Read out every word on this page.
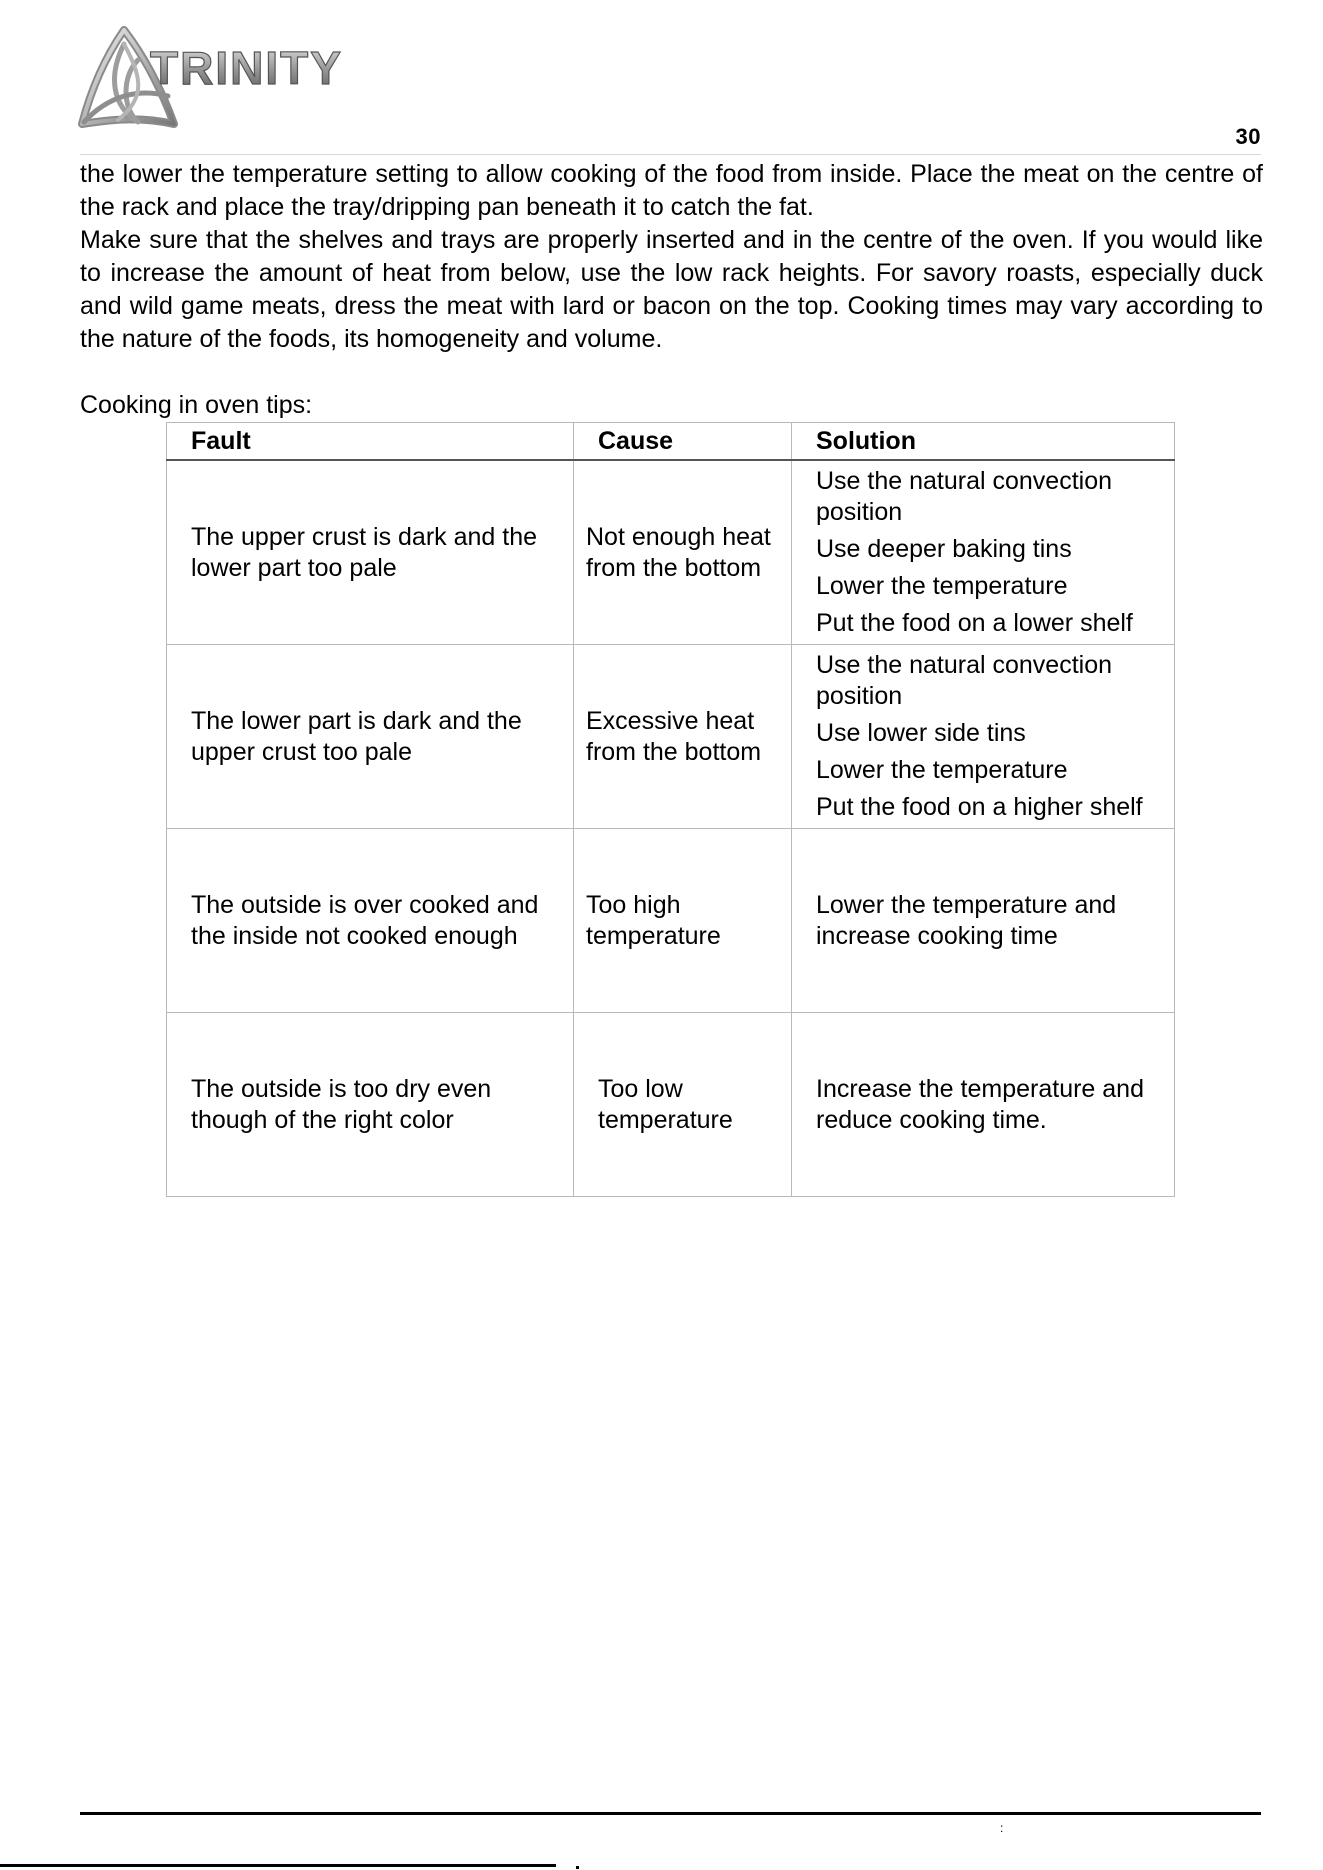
TRINITY
30

the lower the temperature setting to allow cooking of the food from inside. Place the meat on the centre of the rack and place the tray/dripping pan beneath it to catch the fat.

Make sure that the shelves and trays are properly inserted and in the centre of the oven. If you would like to increase the amount of heat from below, use the low rack heights. For savory roasts, especially duck and wild game meats, dress the meat with lard or bacon on the top. Cooking times may vary according to the nature of the foods, its homogeneity and volume.

Cooking in oven tips:

Fault	Cause	Solution
The upper crust is dark and the lower part too pale	Not enough heat from the bottom	Use the natural convection position

Use deeper baking tins

Lower the temperature

Put the food on a lower shelf

The lower part is dark and the upper crust too pale	Excessive heat from the bottom	Use the natural convection position

Use lower side tins

Lower the temperature

Put the food on a higher shelf

The outside is over cooked and the inside not cooked enough	Too high temperature	Lower the temperature and increase cooking time

The outside is too dry even though of the right color	Too low temperature	Increase the temperature and reduce cooking time.

:
